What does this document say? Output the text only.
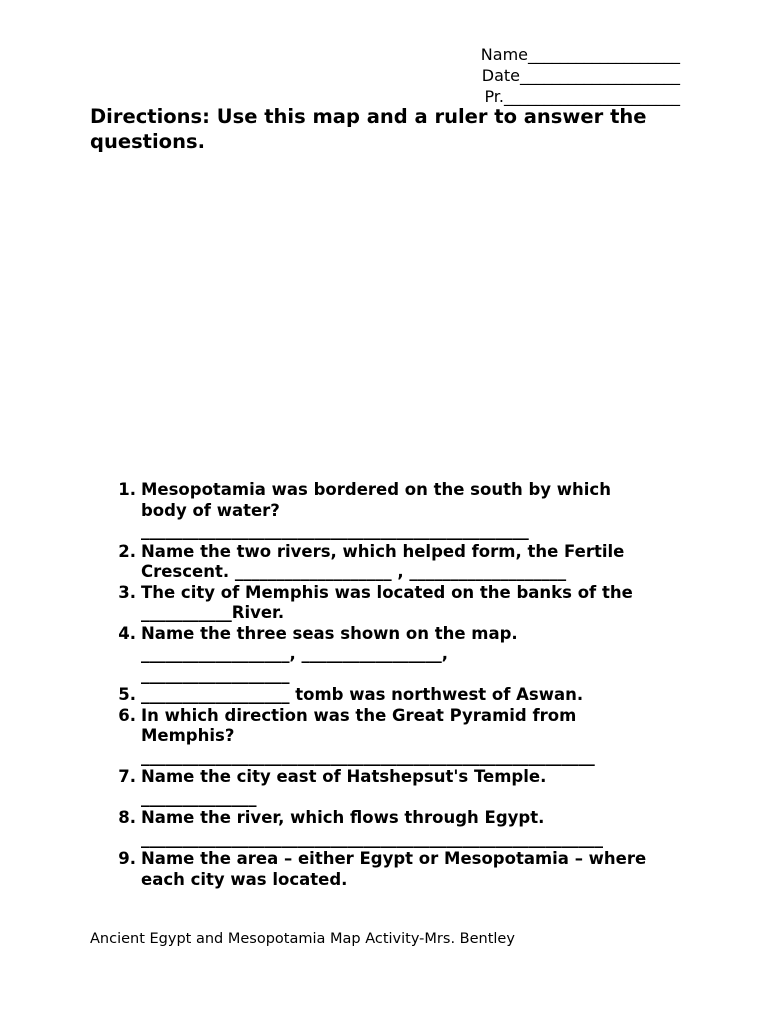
Name___________________
Date____________________
Pr.______________________
Directions: Use this map and a ruler to answer the questions.
1. Mesopotamia was bordered on the south by which
body of water?
_______________________________________________
2. Name the two rivers, which helped form, the Fertile
Crescent. ___________________ , ___________________
3. The city of Memphis was located on the banks of the
___________River.
4. Name the three seas shown on the map.
__________________, _________________,
__________________
5. __________________ tomb was northwest of Aswan.
6. In which direction was the Great Pyramid from
Memphis?
_______________________________________________________
7. Name the city east of Hatshepsut's Temple.
______________
8. Name the river, which flows through Egypt.
________________________________________________________
9. Name the area – either Egypt or Mesopotamia – where
each city was located.
Ancient Egypt and Mesopotamia Map Activity-Mrs. Bentley
